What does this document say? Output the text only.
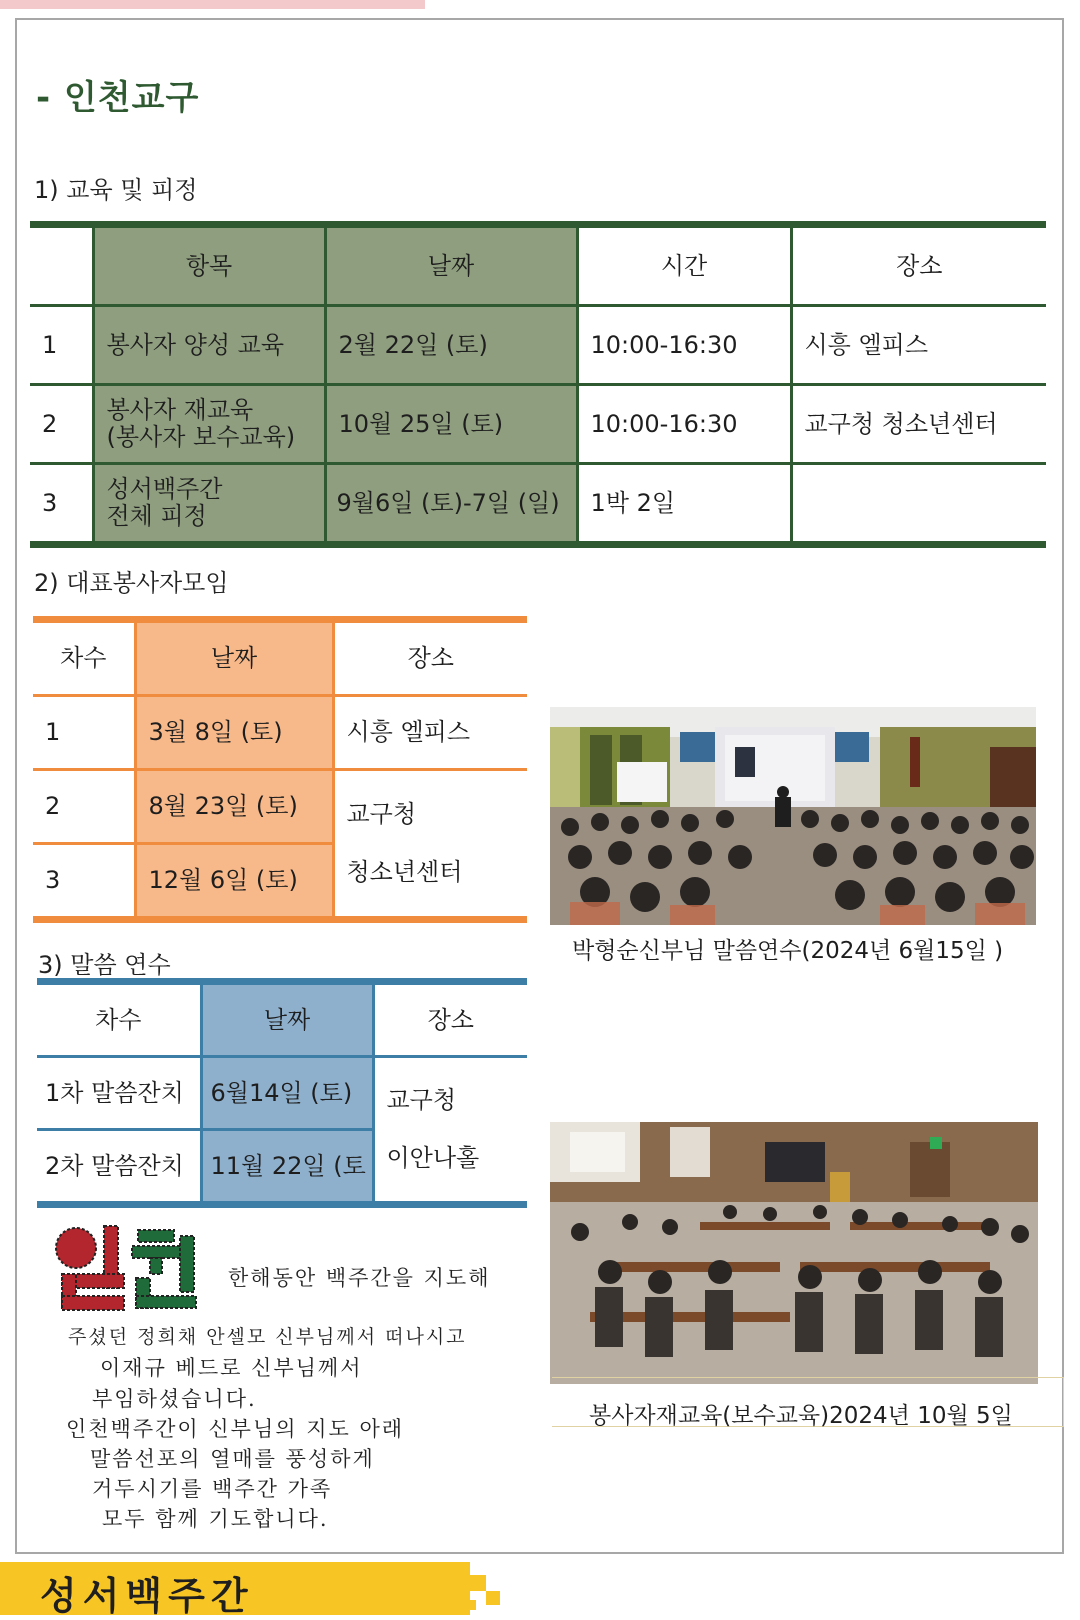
- 인천교구
1) 교육 및 피정
	항목	날짜	시간	장소
1	봉사자 양성 교육	2월 22일 (토)	10:00-16:30	시흥 엘피스
2	봉사자 재교육
(봉사자 보수교육)	10월 25일 (토)	10:00-16:30	교구청 청소년센터
3	성서백주간
전체 피정	9월6일 (토)-7일 (일)	1박 2일	
2) 대표봉사자모임
차수	날짜	장소
1	3월 8일 (토)	시흥 엘피스
2	8월 23일 (토)	교구청
청소년센터
3	12월 6일 (토)	
3) 말씀 연수
차수	날짜	장소
1차 말씀잔치	6월14일 (토)	교구청
이안나홀
2차 말씀잔치	11월 22일 (토	
박형순신부님 말씀연수(2024년 6월15일 )
봉사자재교육(보수교육)2024년 10월 5일
한해동안 백주간을 지도해
주셨던 정희채 안셀모 신부님께서 떠나시고
이재규 베드로 신부님께서
부임하셨습니다.
인천백주간이 신부님의 지도 아래
말씀선포의 열매를 풍성하게
거두시기를 백주간 가족
모두 함께 기도합니다.
성서백주간
